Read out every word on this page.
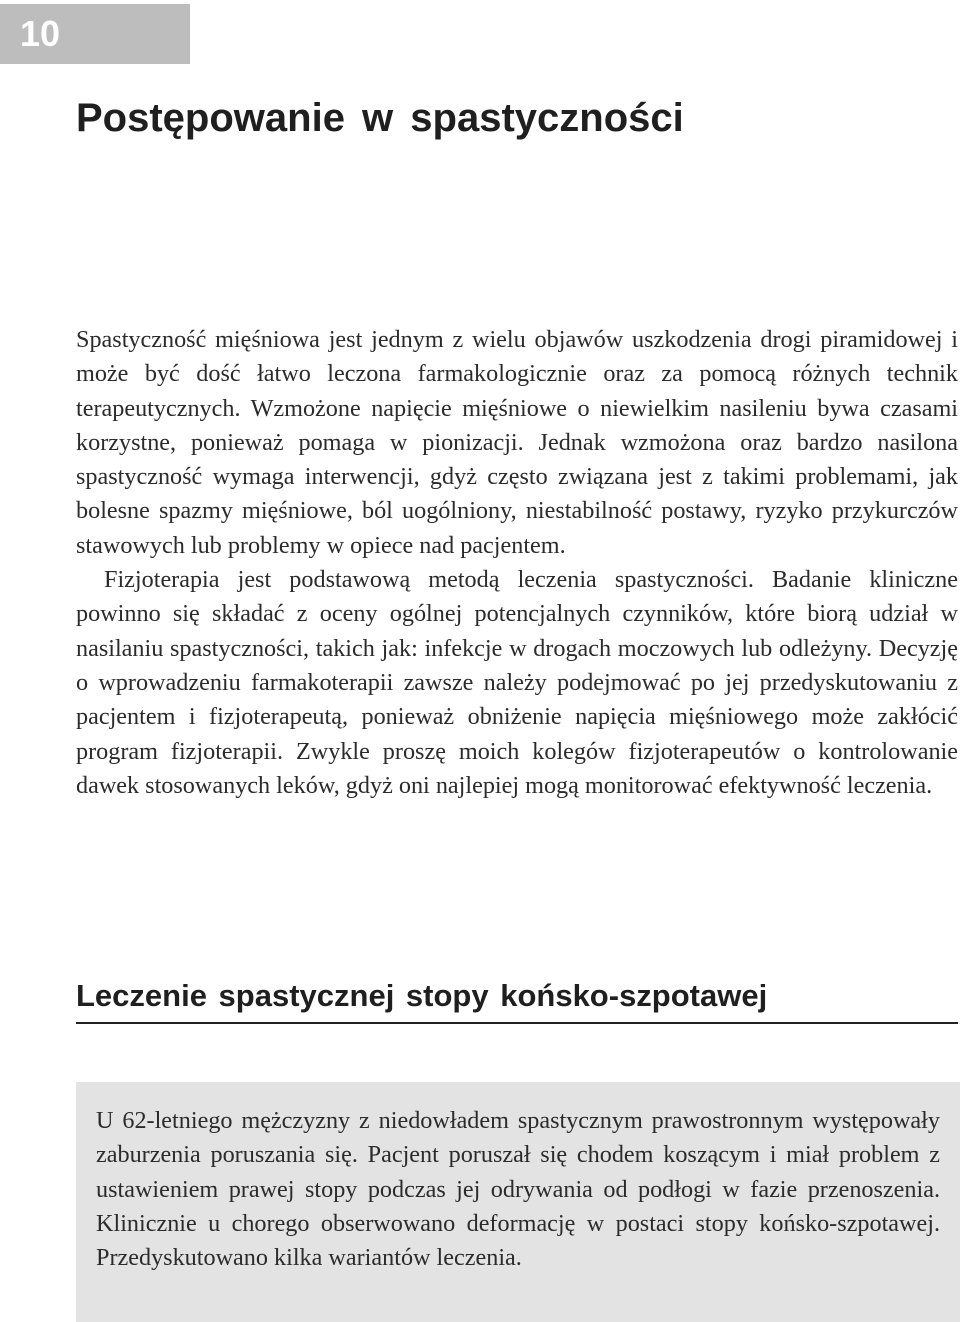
10
Postępowanie w spastyczności

Spastyczność mięśniowa jest jednym z wielu objawów uszkodzenia drogi piramidowej i może być dość łatwo leczona farmakologicznie oraz za pomocą różnych technik terapeutycznych. Wzmożone napięcie mięśniowe o niewielkim nasileniu bywa czasami korzystne, ponieważ pomaga w pionizacji. Jednak wzmożona oraz bardzo nasilona spastyczność wymaga interwencji, gdyż często związana jest z takimi problemami, jak bolesne spazmy mięśniowe, ból uogólniony, niestabilność postawy, ryzyko przykurczów stawowych lub problemy w opiece nad pacjentem.

Fizjoterapia jest podstawową metodą leczenia spastyczności. Badanie kliniczne powinno się składać z oceny ogólnej potencjalnych czynników, które biorą udział w nasilaniu spastyczności, takich jak: infekcje w drogach moczowych lub odleżyny. Decyzję o wprowadzeniu farmakoterapii zawsze należy podejmować po jej przedyskutowaniu z pacjentem i fizjoterapeutą, ponieważ obniżenie napięcia mięśniowego może zakłócić program fizjoterapii. Zwykle proszę moich kolegów fizjoterapeutów o kontrolowanie dawek stosowanych leków, gdyż oni najlepiej mogą monitorować efektywność leczenia.

Leczenie spastycznej stopy końsko-szpotawej

U 62-letniego mężczyzny z niedowładem spastycznym prawostronnym występowały zaburzenia poruszania się. Pacjent poruszał się chodem koszącym i miał problem z ustawieniem prawej stopy podczas jej odrywania od podłogi w fazie przenoszenia. Klinicznie u chorego obserwowano deformację w postaci stopy końsko-szpotawej. Przedyskutowano kilka wariantów leczenia.
